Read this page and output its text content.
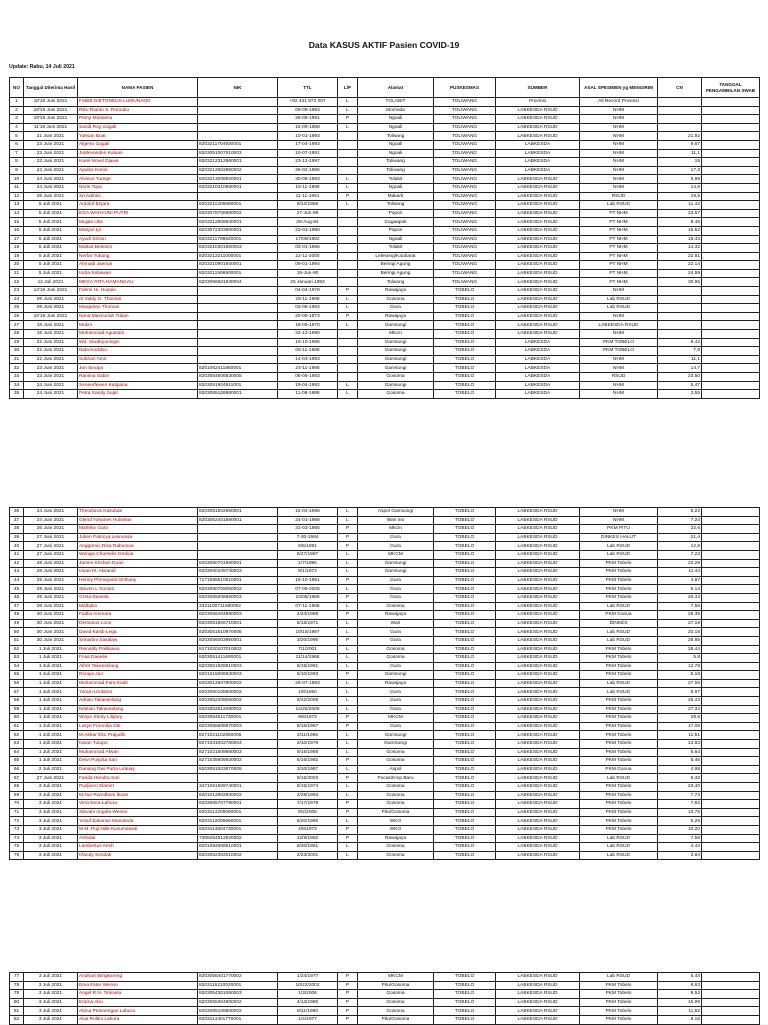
Data KASUS AKTIF Pasien COVID-19
Update: Rabu, 14 Juli 2021
NO	Tanggal Diterima Hasil	NAMA PASIEN	NIK	TTL	L/P	Alamat	PUSKESMAS	SUMBER	ASAL SPESIMEN yg MENGIRIM	CN	TANGGAL PENGAMBILAN SWAB
1	18'19 Juni 2021	FABIB DIETONEUS LUMUNANG		+62 431 872 007	L	TOLABIT	TOLIWANG	Provinsi	All Record Provinsi		
2	16'19 Juni 2021	Riko Rianto S. Rorouko		09-09-1993	L	Momoda	TOLIWANG	LABKESDA RSUD	NHM		
3	18'19 Juni 2021	Pemy Mustamu		26-08-1981	P	Ngoali	TOLIWANG	LABKESDA RSUD	NHM		
4	11'19 Juni 2021	Sandi Roy Gagali		15-09-1988	L	Ngoali	TOLIWANG	LABKESDA RSUD	NHM		
5	21 Juni 2021	Yoksan Buat		10-01-1993		Tolwang	TOLIWANG	LABKESDA RSUD	NHM	21,92	
6	23 Juni 2021	Algerto Gagali	8203211704930001	17-04-1993		Ngoali	TOLIWANG	LABKESDA	NHM	9,67	
7	23 Juni 2021	JuMevanden Kaluas	8203051007910003	10-07-1991		Ngoali	TOLIWANG	LABKESDA	NHM	11,1	
8	23 Juni 2021	Karel Novel Djawa	8203212312960001	23-12-1997		Toliwang	TOLIWANG	LABKESDA	NHM	15	
9	24 Juni 2021	Apolos Koros	8203212602850002	26-02-1985		Toliwang	TOLIWANG	LABKESDA	NHM	17,3	
10	24 Juni 2021	Alvinus Turege	8203213008920001	30-08-1993	L	Tolabit	TOLIWANG	LABKESDA RSUD	NHM	5,98	
11	24 Juni 2021	Noris Topa	8203210310980001	15-11-1998	L	Ngoali	TOLIWANG	LABKESDA RSUD	NHM	14,6	
12	26 Juni 2021	Sri Admini		11-11-1961	P	Makarti	TOLIWANG	LABKESDA RSUD	RSUD	19,5	
13	5 Juli 2021	Ardolof Brijara	8203211208580001	8/12/1958	L	Tolwang	TOLIWANG	LABKESDA RSUD	Lab RSUD	11.42	
14	5 Juli 2021	EGA WAHYUNI PUTRI	8203076706990002	27-Jun-99		Popon	TOLIWANG	LABKESDA RSUD	PT NHM	23.57	
15	5 Juli 2021	Mujais Ube	8203212808840001	28-Aug-84		Gagaapok	TOLIWANG	LABKESDA RSUD	PT NHM	8.46	
16	5 Juli 2021	Marijon Ijo	8203072303900001	23-03-1990		Popon	TOLIWANG	LABKESDA RSUD	PT NHM	15.52	
17	5 Juli 2021	Ayudi Simon	8203211709820001	17/09/1982		Ngoali	TOLIWANG	LABKESDA RSUD	PT NHM	18.43	
18	5 Juli 2021	Mattus Beletom	8203210301860003	03-01-1986		Tolabit	TOLIWANG	LABKESDA RSUD	PT NHM	14.32	
19	5 Juli 2021	Nerfar Tukang	8203212211000001	22-11-2000		Leleseng/Kaobarat	TOLIWANG	LABKESDA RSUD	PT NHM	22.81	
20	5 Juli 2021	Ahmadi Jaenuri	8203210901940001	09-01-1994		Beringi Agung	TOLIWANG	LABKESDA RSUD	PT NHM	22.14	
21	5 Juli 2021	Indra Setiawan	8203211506900001	15-Jun-90		Beringi Agung	TOLIWANG	LABKESDA RSUD	PT NHM	24.59	
22	12 Juli 2021	MEGA RITA HAMANGAU	8203056501930004	25 Januari 1993		Tolwang	TOLIWANG	LABKESDA RSUD	PT NHM	30.95	
23	14'19 Juni 2021	Fahmi Hi. Husain		04-04-1978	P	Rawajaya	TOBELO	LABKESDA RSUD	NHM		
24	09 Juni 2021	dr Valdy G. Thomas		28-11-1988	L	Gosoma	TOBELO	LABKESDA RSUD	Lab RSUD		
25	09 Juni 2021	Margarien Thomas		03-08-1964	L	Gura	TOBELO	LABKESDA RSUD	Lab RSUD		
26	15'19 Juni 2021	Nona Maimunah Tukan		20-05-1973	P	Rawajaya	TOBELO	LABKESDA RSUD	NHM		
27	18 Juni 2021	Mukni		18-05-1970	L	Gamsungi	TOBELO	LABKESDA RSUD	LABKESDA RSUD		
28	19 Juni 2021	Muhammad Agustam		22-12-1990		Mkcm	TOBELO	LABKESDA RSUD	NHM		
29	22 Juni 2021	Wd. Siwahyuningsi		16-10-1996		Gamsungi	TOBELO	LABKESDA	PKM TOBELO	8,42	
30	22 Juni 2021	Nida Kodobo		05-11-1988		Gamsungi	TOBELO	LABKESDA	PKM TOBELO	7,9	
31	22 Juni 2021	Subhan Amir		14-03-1993		Gamsungi	TOBELO	LABKESDA	NHM	11,1	
32	23 Juni 2021	Jon Sinopa	8201062411860001	24-11-1986		Gamsungi	TOBELO	LABKESDA	NHM	14,7	
33	23 Juni 2021	Ranima Sabin	8203054606830005	06-06-1983		Gosoma	TOBELO	LABKESDA	RSUD	23,50	
34	24 Juni 2021	Seneurfewen Katipana	8203051904911001	19-04-1992	L	Gamsungi	TOBELO	LABKESDA	NHM	5,47	
35	24 Juni 2021	Petra Sandy Supit	8203055108980001	11-08-1998	L	Gosoma	TOBELO	LABKESDA	NHM	3,55	
36	24 Juni 2021	Theodorus Kasubae	8203051502960001	15-02-1996	L	Aspol Gamsungi	TOBELO	LABKESDA RSUD	NHM	5,22	
37	24 Juni 2021	Glend Yohanes Hulselan	8203052401880001	24-01-1988	L	Wari ino	TOBELO	LABKESDA RSUD	NHM	7,24	
38	26 Juni 2021	Marfelin Garo		31-03-1985	P	Mkcm	TOBELO	LABKESDA RSUD	PKM PITU	22,6	
39	27 Juni 2021	Julien Patricya Lesnussa		7-30-1984	P	Gura	TOBELO	LABKESDA RSUD	DINKES HALUT	21,4	
40	27 Juni 2021	Anggrenic Risa Rabumua		6/5/1991	P	Gura	TOBELO	LABKESDA RSUD	Lab RSUD	12,8	
41	27 Juni 2021	Wenigs Chornelis Gedioa		5/27/1987	L	MKCM	TOBELO	LABKESDA RSUD	Lab RSUD	7.23	
42	28 Juni 2021	James Krishan Duan	8203050701960001	1/7/1996	L	Gamsungi	TOBELO	LABKESDA RSUD	PKM Tobelo	22.29	
43	28 Juni 2021	Irwan M. Aksandi	8203050109730003	9/1/1973	L	Gamsungi	TOBELO	LABKESDA RSUD	PKM Tobelo	11.44	
44	29 Juni 2021	Henny Primayanti Onthony	7171085510610001	15-10-1961	P	Gura	TOBELO	LABKESDA RSUD	PKM Tobelo	4.67	
45	29 Juni 2021	Steven L Sonoto	8203050709050002	07-09-2005	L	Gura	TOBELO	LABKESDA RSUD	PKM Tobelo	5.14	
46	29 Juni 2021	Greta Daniela	8203055006860003	10/06/1986	P	Gura	TOBELO	LABKESDA RSUD	PKM Tobelo	20.44	
47	28 Juni 2021	Maftukin	3321100711660002	07-11-1968	L	Gosoma	TOBELO	LABKESDA RSUD	Lab RSUD	7,56	
48	30 Juni 2021	Fadlia Ammara	8203056404890003	4/24/1989	P	Rawajaya	TOBELO	LABKESDA RSUD	PKM Gonua	29.35	
49	30 Juni 2021	Demiarus Loce	8203051806710001	6/18/1971	L	Wari	TOBELO	LABKESDA RSUD	DINKES	27.19	
50	30 Juni 2021	David Kasib Lega	8203051610970006	10/16/1997	L	Gura	TOBELO	LABKESDA RSUD	Lab RSUD	20.18	
51	30 Juni 2021	Srinartini Sasalaw	8203056003960001	3/20/1996	P	Gura	TOBELO	LABKESDA RSUD	Lab RSUD	28.85	
52	1 Juli 2021	Reinaldy Palitkawa	8171020107010002	7/1/2001	L	Gosoma	TOBELO	LABKESDA RSUD	PKM Tobelo	28.44	
53	1 Juli 2021	Frias Daeelie	8203051411690001	11/14/1968	L	Gosoma	TOBELO	LABKESDA RSUD	PKM Tobelo	5.8	
54	1 Juli 2021	Alfret Takanselang	8203051508810003	8/15/1981	L	Gura	TOBELO	LABKESDA RSUD	PKM Tobelo	12.78	
55	1 Juli 2021	Rinaya Jun	8201015006930003	6/10/1993	P	Gamsungi	TOBELO	LABKESDA RSUD	PKM Tobelo	5.18	
56	1 Juli 2021	Muhammad Fara Kadir	8203012607900002	26-07-1993	L	Rawajaya	TOBELO	LABKESDA RSUD	Lab RSUD	27.55	
57	1 Juli 2021	Yoram Urulamo	8203050108500002	1/8/1950	L	Gura	TOBELO	LABKESDA RSUD	Lab RSUD	8.97	
58	1 Juli 2021	Adrian Takanselang	8203052208050002	8/22/2005	L	Gura	TOBELO	LABKESDA RSUD	PKM Tobelo	25.43	
59	1 Juli 2021	Kristian Takanselang	8203052512080002	12/25/2008	L	Gura	TOBELO	LABKESDA RSUD	PKM Tobelo	27.34	
60	1 Juli 2021	Wisye Stony Lilipory	8203054611730001	9/6/1973	P	MKCM	TOBELO	LABKESDA RSUD	PKM Tobelo	29.5	
61	1 Juli 2021	Lusye Feronika Gle	8203055508870003	8/15/1987	P	Gura	TOBELO	LABKESDA RSUD	PKM Tobelo	17.08	
62	1 Juli 2021	M.Akbar Eko Prajudhi	8271021102860006	2/11/1986	L	Gamsungi	TOBELO	LABKESDA RSUD	PKM Tobelo	11.51	
63	1 Juli 2021	Iswan Tutupo	8271031002760004	2/10/1979	L	GamSungi	TOBELO	LABKESDA RSUD	PKM Tobelo	13.83	
64	1 Juli 2021	Muhammad Afwan	8271021509880003	9/15/1988	L	Gosoma	TOBELO	LABKESDA RSUD	PKM Tobelo	5.64	
65	1 Juli 2021	Dewi Puspita Sari	8271035606920002	6/16/1992	P	Gosoma	TOBELO	LABKESDA RSUD	PKM Tobelo	5.46	
66	2 Juli 2021	Danang Dwi Putra Leteiay	8203051003870005	3/10/1987	L	Aspol	TOBELO	LABKESDA RSUD	PKM Gonua	4.98	
67	27 Juni 2021	Farida Hendra Sari		9/16/2003	P	Pocas/Kmp Baru	TOBELO	LABKESDA RSUD	Lab RSUD	5,43	
68	3 Juli 2021	Pudjiono Slamet	3471061509740001	9/15/1974	L	Gosoma	TOBELO	LABKESDA RSUD	PKM Tobelo	23,40	
69	3 Juli 2021	M.Nur Ramdhani Ikoan	8201012802930002	2/28/1993	L	Gosoma	TOBELO	LABKESDA RSUD	PKM Tobelo	7,73	
70	3 Juli 2021	Vera Dora Lahura	8203055707790001	7/17/1979	P	Gosoma	TOBELO	LABKESDA RSUD	PKM Tobelo	7,62	
71	3 Juli 2021	Stevani Angela Wenno	8203114209060001	9/2/2006	P	Pitu/Gosoma	TOBELO	LABKESDA RSUD	PKM Tobelo	10,75	
72	3 Juli 2021	Yusuf Zakarias Manuteda	8203112006660001	6/20/1966	L	WKO	TOBELO	LABKESDA RSUD	PKM Tobelo	5,25	
73	3 Juli 2021	M.M. Puji Nitik Kusumawati	8203114804730001	4/8/1973	P	WKO	TOBELO	LABKESDA RSUD	PKM Tobelo	10,20	
74	3 Juli 2021	Asredai	7308264912920002	12/9/1992	P	Rawajaya	TOBELO	LABKESDA RSUD	Lab RSUD	7.58	
75	3 Juli 2021	Lambertus Aesh	8201092008610001	8/20/1961	L	Gosoma	TOBELO	LABKESDA RSUD	Lab RSUD	4.44	
76	3 Juli 2021	Irfandy Sondak	8203052302010002	2/23/2001	L	Gosoma	TOBELO	LABKESDA RSUD	Lab RSUD	2.84	
77	3 Juli 2021	Andriani Bingkareng	8203056401770002	1/24/1977	P	MKCM	TOBELO	LABKESDA RSUD	Lab RSUD	5.44	
78	3 Juli 2021	Erva Ester Wenno	8203116210020001	10/22/2002	P	Pitu/Gosoma	TOBELO	LABKESDA RSUD	PKM Tobelo	8,63	
79	3 Juli 2021	Angel R.N. Timisela	8203054301060003	1/3/2006	P	Gosoma	TOBELO	LABKESDA RSUD	PKM Tobelo	9,52	
80	3 Juli 2021	Erama Abu	8203055304800002	4/13/1980	P	Gosoma	TOBELO	LABKESDA RSUD	PKM Tobelo	16,99	
81	3 Juli 2021	Abina Petonengan Lahura	8203055108500002	8/11/1950	P	Gosoma	TOBELO	LABKESDA RSUD	PKM Tobelo	11,52	
82	3 Juli 2021	Aius Roltini Lahura	8203114401770001	1/4/1977	P	Pitu/Gosoma	TOBELO	LABKESDA RSUD	PKM Tobelo	8.16	
